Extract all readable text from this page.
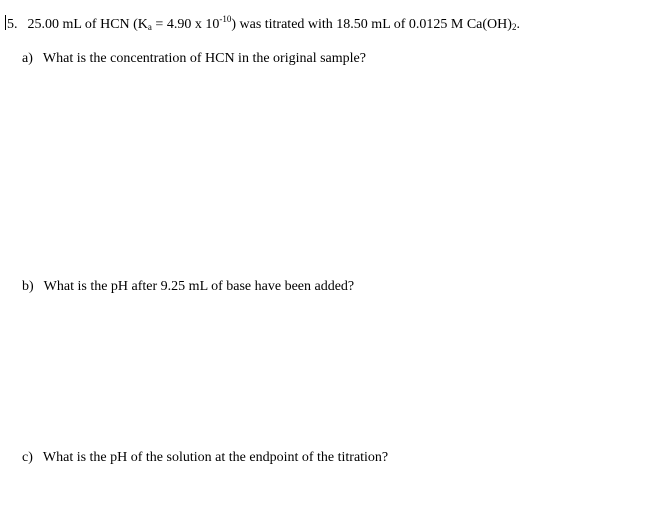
5. 25.00 mL of HCN ($K_a = 4.90$ x $10^{-10}$) was titrated with 18.50 mL of 0.0125 M $Ca(OH)_2$.
a) What is the concentration of HCN in the original sample?
b) What is the pH after 9.25 mL of base have been added?
c) What is the pH of the solution at the endpoint of the titration?
